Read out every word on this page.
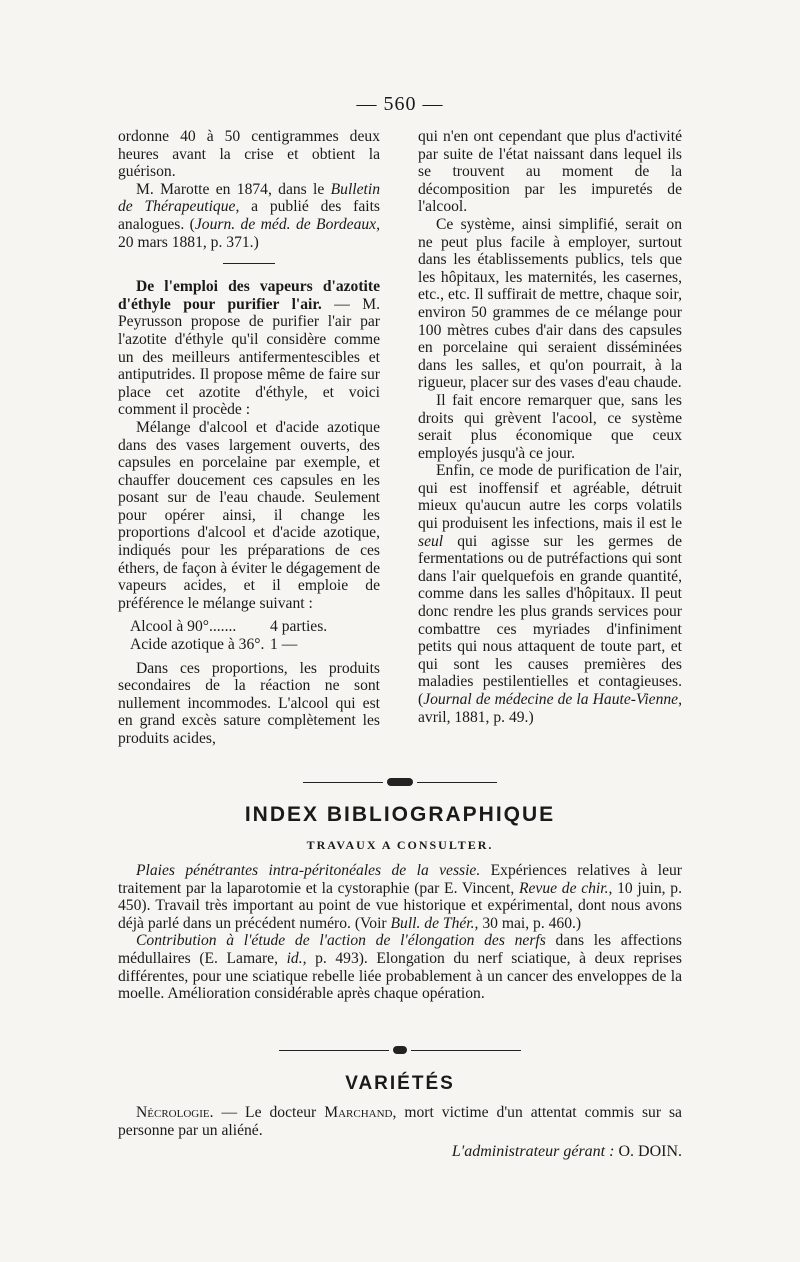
— 560 —

ordonne 40 à 50 centigrammes deux heures avant la crise et obtient la guérison.

M. Marotte en 1874, dans le Bulletin de Thérapeutique, a publié des faits analogues. (Journ. de méd. de Bordeaux, 20 mars 1881, p. 371.)

De l'emploi des vapeurs d'azotite d'éthyle pour purifier l'air. — M. Peyrusson propose de purifier l'air par l'azotite d'éthyle qu'il considère comme un des meilleurs antifermentescibles et antiputrides. Il propose même de faire sur place cet azotite d'éthyle, et voici comment il procède :

Mélange d'alcool et d'acide azotique dans des vases largement ouverts, des capsules en porcelaine par exemple, et chauffer doucement ces capsules en les posant sur de l'eau chaude. Seulement pour opérer ainsi, il change les proportions d'alcool et d'acide azotique, indiqués pour les préparations de ces éthers, de façon à éviter le dégagement de vapeurs acides, et il emploie de préférence le mélange suivant :

Alcool à 90°.......	4 parties.
Acide azotique à 36°. 1 —

Dans ces proportions, les produits secondaires de la réaction ne sont nullement incommodes. L'alcool qui est en grand excès sature complètement les produits acides,

qui n'en ont cependant que plus d'activité par suite de l'état naissant dans lequel ils se trouvent au moment de la décomposition par les impuretés de l'alcool.

Ce système, ainsi simplifié, serait on ne peut plus facile à employer, surtout dans les établissements publics, tels que les hôpitaux, les maternités, les casernes, etc., etc. Il suffirait de mettre, chaque soir, environ 50 grammes de ce mélange pour 100 mètres cubes d'air dans des capsules en porcelaine qui seraient disséminées dans les salles, et qu'on pourrait, à la rigueur, placer sur des vases d'eau chaude.

Il fait encore remarquer que, sans les droits qui grèvent l'acool, ce système serait plus économique que ceux employés jusqu'à ce jour.

Enfin, ce mode de purification de l'air, qui est inoffensif et agréable, détruit mieux qu'aucun autre les corps volatils qui produisent les infections, mais il est le seul qui agisse sur les germes de fermentations ou de putréfactions qui sont dans l'air quelquefois en grande quantité, comme dans les salles d'hôpitaux. Il peut donc rendre les plus grands services pour combattre ces myriades d'infiniment petits qui nous attaquent de toute part, et qui sont les causes premières des maladies pestilentielles et contagieuses. (Journal de médecine de la Haute-Vienne, avril, 1881, p. 49.)

INDEX BIBLIOGRAPHIQUE
TRAVAUX A CONSULTER.

Plaies pénétrantes intra-péritonéales de la vessie. Expériences relatives à leur traitement par la laparotomie et la cystoraphie (par E. Vincent, Revue de chir., 10 juin, p. 450). Travail très important au point de vue historique et expérimental, dont nous avons déjà parlé dans un précédent numéro. (Voir Bull. de Thér., 30 mai, p. 460.)

Contribution à l'étude de l'action de l'élongation des nerfs dans les affections médullaires (E. Lamare, id., p. 493). Elongation du nerf sciatique, à deux reprises différentes, pour une sciatique rebelle liée probablement à un cancer des enveloppes de la moelle. Amélioration considérable après chaque opération.

VARIÉTÉS

Nécrologie. — Le docteur Marchand, mort victime d'un attentat commis sur sa personne par un aliéné.

L'administrateur gérant : O. DOIN.
